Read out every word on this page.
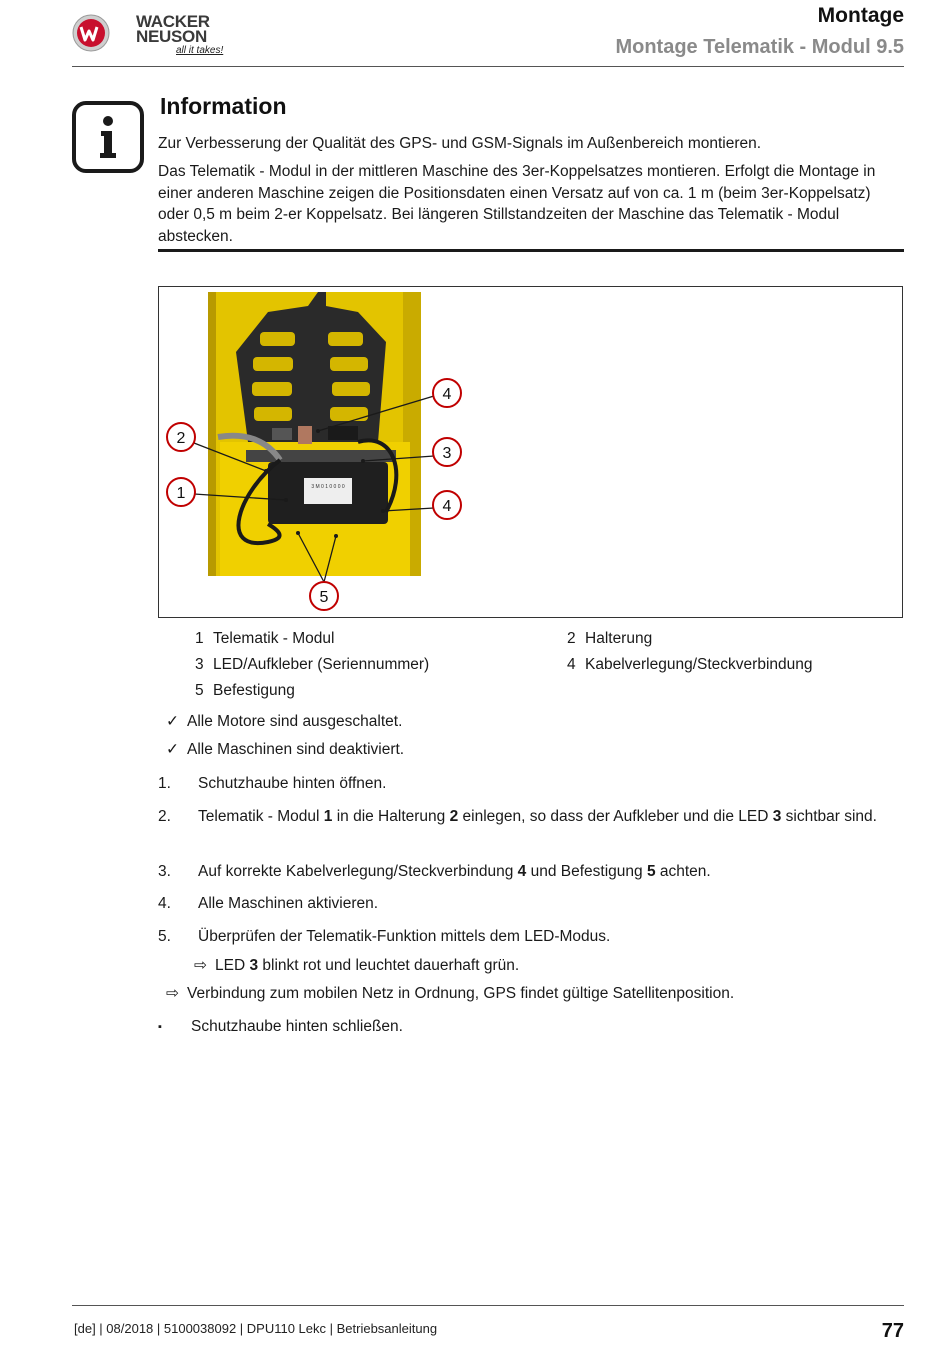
WACKER
NEUSON
all it takes!
Montage
Montage Telematik - Modul 9.5
Information
Zur Verbesserung der Qualität des GPS- und GSM-Signals im Außenbereich montieren.
Das Telematik - Modul in der mittleren Maschine des 3er-Koppelsatzes montieren. Erfolgt die Montage in einer anderen Maschine zeigen die Positionsdaten einen Versatz auf von ca. 1 m (beim 3er-Koppelsatz) oder 0,5 m beim 2-er Koppelsatz. Bei längeren Stillstandzeiten der Maschine das Telematik - Modul abstecken.
3 M 0 1 0 0 0 0
4
2
3
1
4
5
1 Telematik - Modul	2 Halterung
3 LED/Aufkleber (Seriennummer)	4 Kabelverlegung/Steckverbindung
5 Befestigung
✓ Alle Motore sind ausgeschaltet.
✓ Alle Maschinen sind deaktiviert.
1. Schutzhaube hinten öffnen.
2. Telematik - Modul 1 in die Halterung 2 einlegen, so dass der Aufkleber und die LED 3 sichtbar sind.
3. Auf korrekte Kabelverlegung/Steckverbindung 4 und Befestigung 5 achten.
4. Alle Maschinen aktivieren.
5. Überprüfen der Telematik-Funktion mittels dem LED-Modus.
⇨ LED 3 blinkt rot und leuchtet dauerhaft grün.
⇨ Verbindung zum mobilen Netz in Ordnung, GPS findet gültige Satellitenposition.
▪ Schutzhaube hinten schließen.
[de] | 08/2018 | 5100038092 | DPU110 Lekc | Betriebsanleitung	77
